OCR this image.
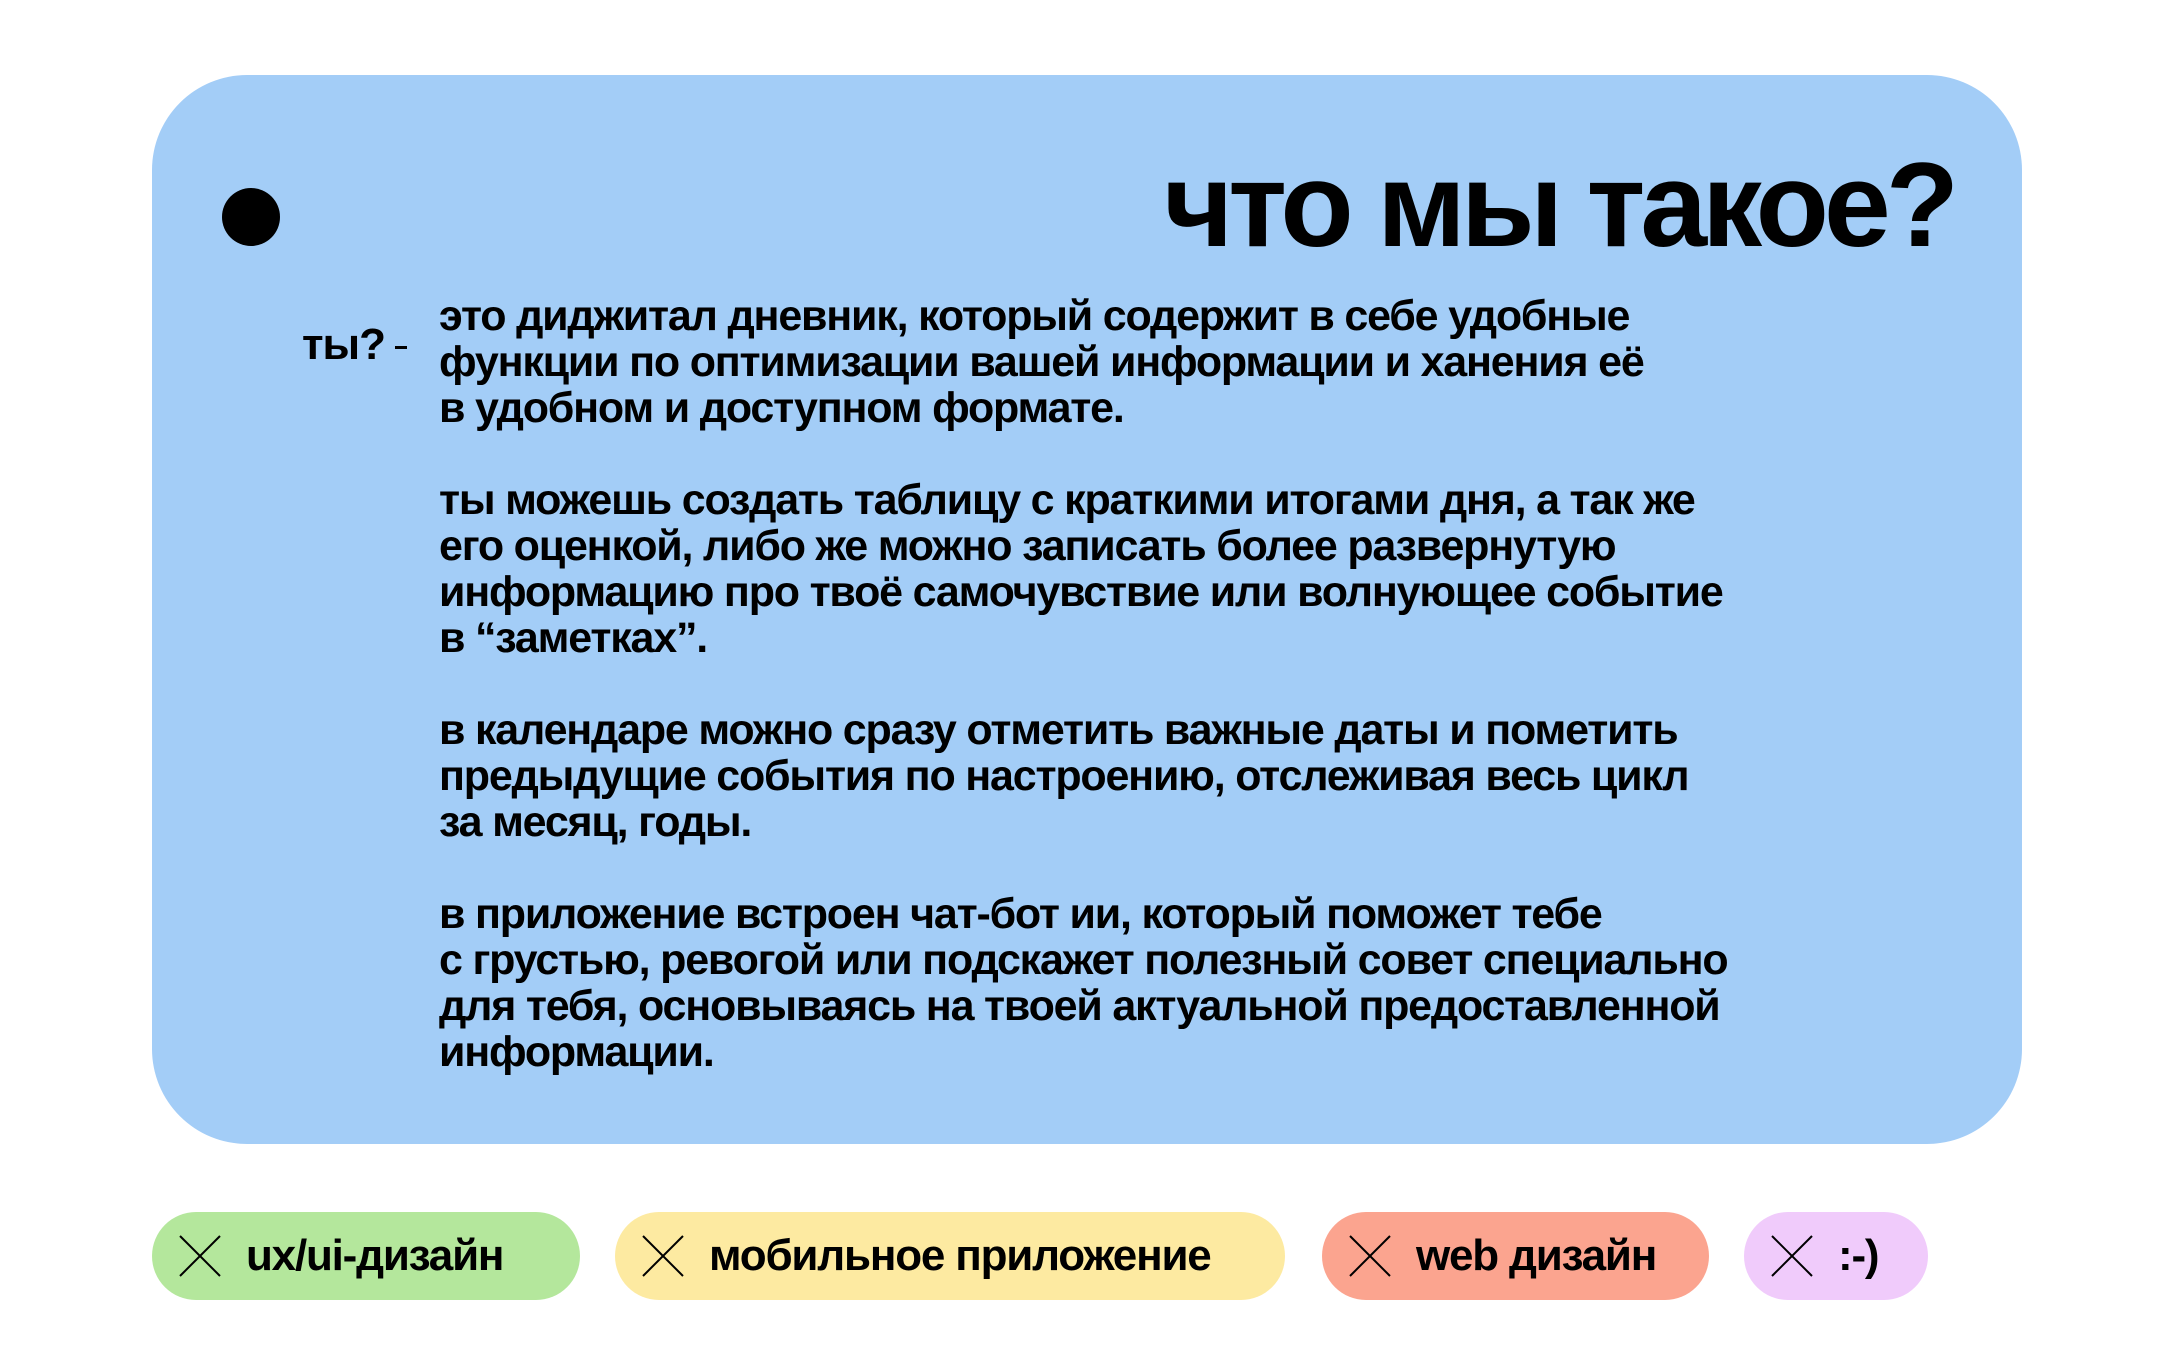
что мы такое?
ты?

это диджитал дневник, который содержит в себе удобные
функции по оптимизации вашей информации и ханения её
в удобном и доступном формате.

ты можешь создать таблицу с краткими итогами дня, а так же
его оценкой, либо же можно записать более развернутую
информацию про твоё самочувствие или волнующее событие
в “заметках”.

в календаре можно сразу отметить важные даты и пометить
предыдущие события по настроению, отслеживая весь цикл
за месяц, годы.

в приложение встроен чат-бот ии, который поможет тебе
с грустью, ревогой или подскажет полезный совет специально
для тебя, основываясь на твоей актуальной предоставленной
информации.

ux/ui-дизайн	мобильное приложение	web дизайн	:-)
